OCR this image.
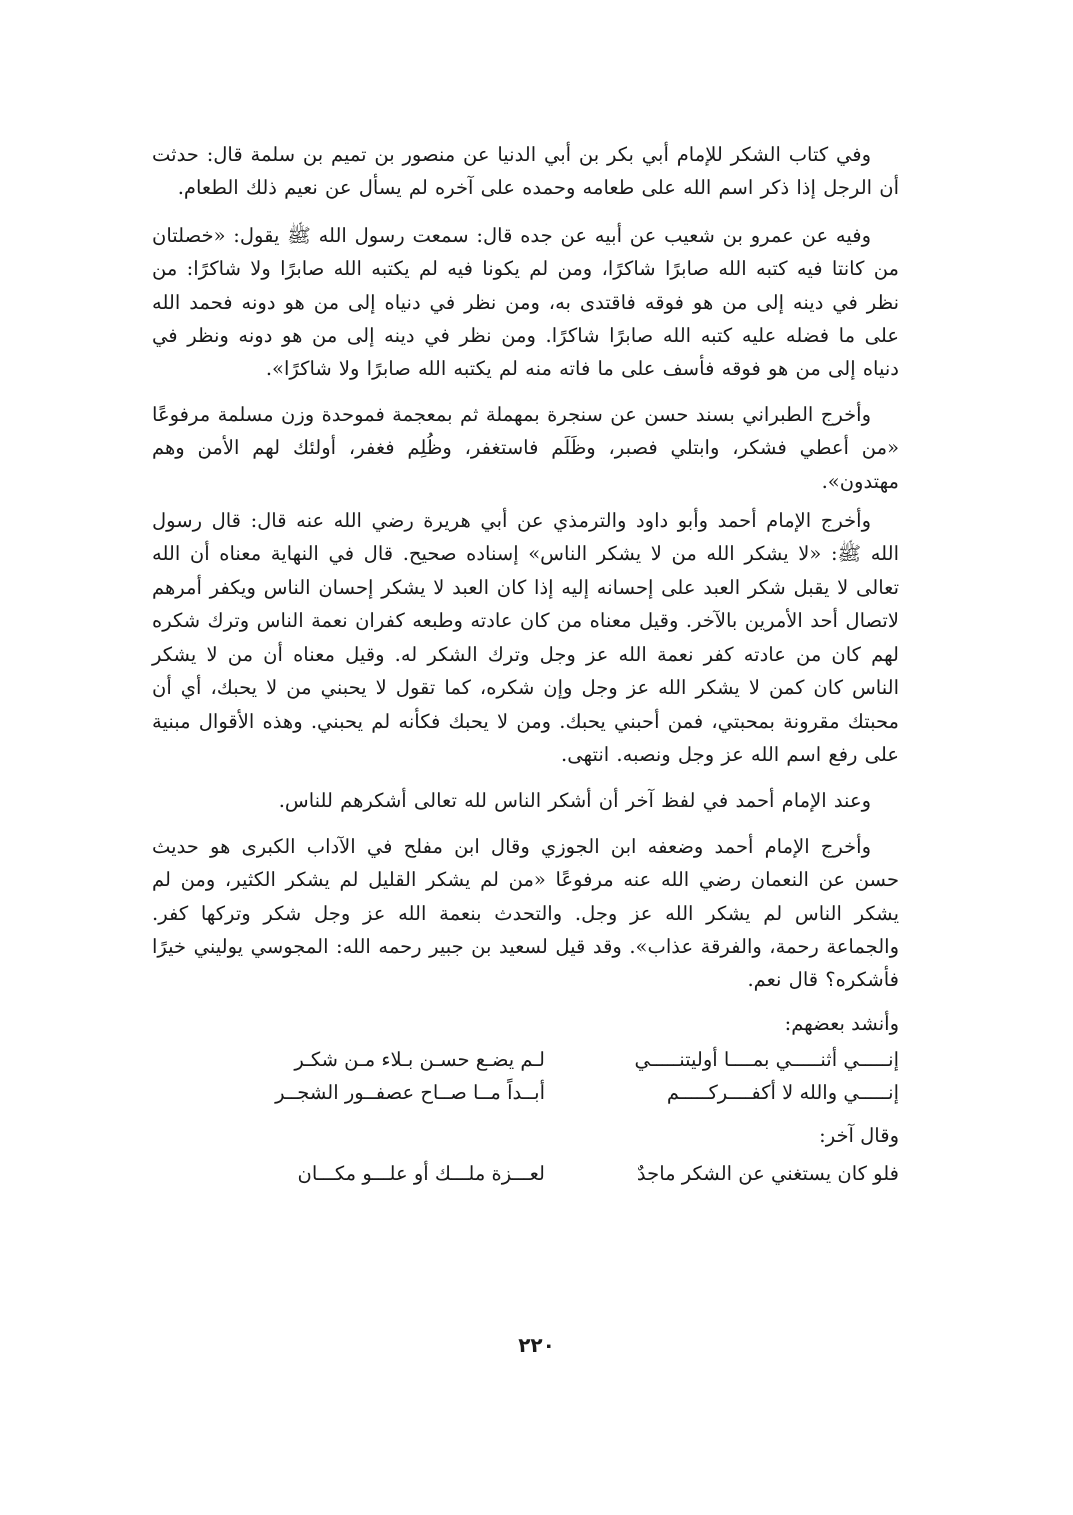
وفي كتاب الشكر للإمام أبي بكر بن أبي الدنيا عن منصور بن تميم بن سلمة قال: حدثت أن الرجل إذا ذكر اسم الله على طعامه وحمده على آخره لم يسأل عن نعيم ذلك الطعام.

وفيه عن عمرو بن شعيب عن أبيه عن جده قال: سمعت رسول الله ﷺ يقول: «خصلتان من كانتا فيه كتبه الله صابرًا شاكرًا، ومن لم يكونا فيه لم يكتبه الله صابرًا ولا شاكرًا: من نظر في دينه إلى من هو فوقه فاقتدى به، ومن نظر في دنياه إلى من هو دونه فحمد الله على ما فضله عليه كتبه الله صابرًا شاكرًا. ومن نظر في دينه إلى من هو دونه ونظر في دنياه إلى من هو فوقه فأسف على ما فاته منه لم يكتبه الله صابرًا ولا شاكرًا».

وأخرج الطبراني بسند حسن عن سنجرة بمهملة ثم بمعجمة فموحدة وزن مسلمة مرفوعًا «من أعطي فشكر، وابتلي فصبر، وظَلَم فاستغفر، وظُلِم فغفر، أولئك لهم الأمن وهم مهتدون».

وأخرج الإمام أحمد وأبو داود والترمذي عن أبي هريرة رضي الله عنه قال: قال رسول الله ﷺ: «لا يشكر الله من لا يشكر الناس» إسناده صحيح. قال في النهاية معناه أن الله تعالى لا يقبل شكر العبد على إحسانه إليه إذا كان العبد لا يشكر إحسان الناس ويكفر أمرهم لاتصال أحد الأمرين بالآخر. وقيل معناه من كان عادته وطبعه كفران نعمة الناس وترك شكره لهم كان من عادته كفر نعمة الله عز وجل وترك الشكر له. وقيل معناه أن من لا يشكر الناس كان كمن لا يشكر الله عز وجل وإن شكره، كما تقول لا يحبني من لا يحبك، أي أن محبتك مقرونة بمحبتي، فمن أحبني يحبك. ومن لا يحبك فكأنه لم يحبني. وهذه الأقوال مبنية على رفع اسم الله عز وجل ونصبه. انتهى.

وعند الإمام أحمد في لفظ آخر أن أشكر الناس لله تعالى أشكرهم للناس.

وأخرج الإمام أحمد وضعفه ابن الجوزي وقال ابن مفلح في الآداب الكبرى هو حديث حسن عن النعمان رضي الله عنه مرفوعًا «من لم يشكر القليل لم يشكر الكثير، ومن لم يشكر الناس لم يشكر الله عز وجل. والتحدث بنعمة الله عز وجل شكر وتركها كفر. والجماعة رحمة، والفرقة عذاب». وقد قيل لسعيد بن جبير رحمه الله: المجوسي يوليني خيرًا فأشكره؟ قال نعم.

وأنشد بعضهم:

إنـــــي أثنـــــي بمــــا أوليتنـــــي
لـم يضـع حسـن بـلاء مـن شكـر
إنـــــي والله لا أكفــــركـــــم
أبــداً مــا صــاح عصفــور الشجــر

وقال آخر:

فلو كان يستغني عن الشكر ماجدٌ
لعـــزة ملـــك أو علـــو مكـــان
٢٢٠
